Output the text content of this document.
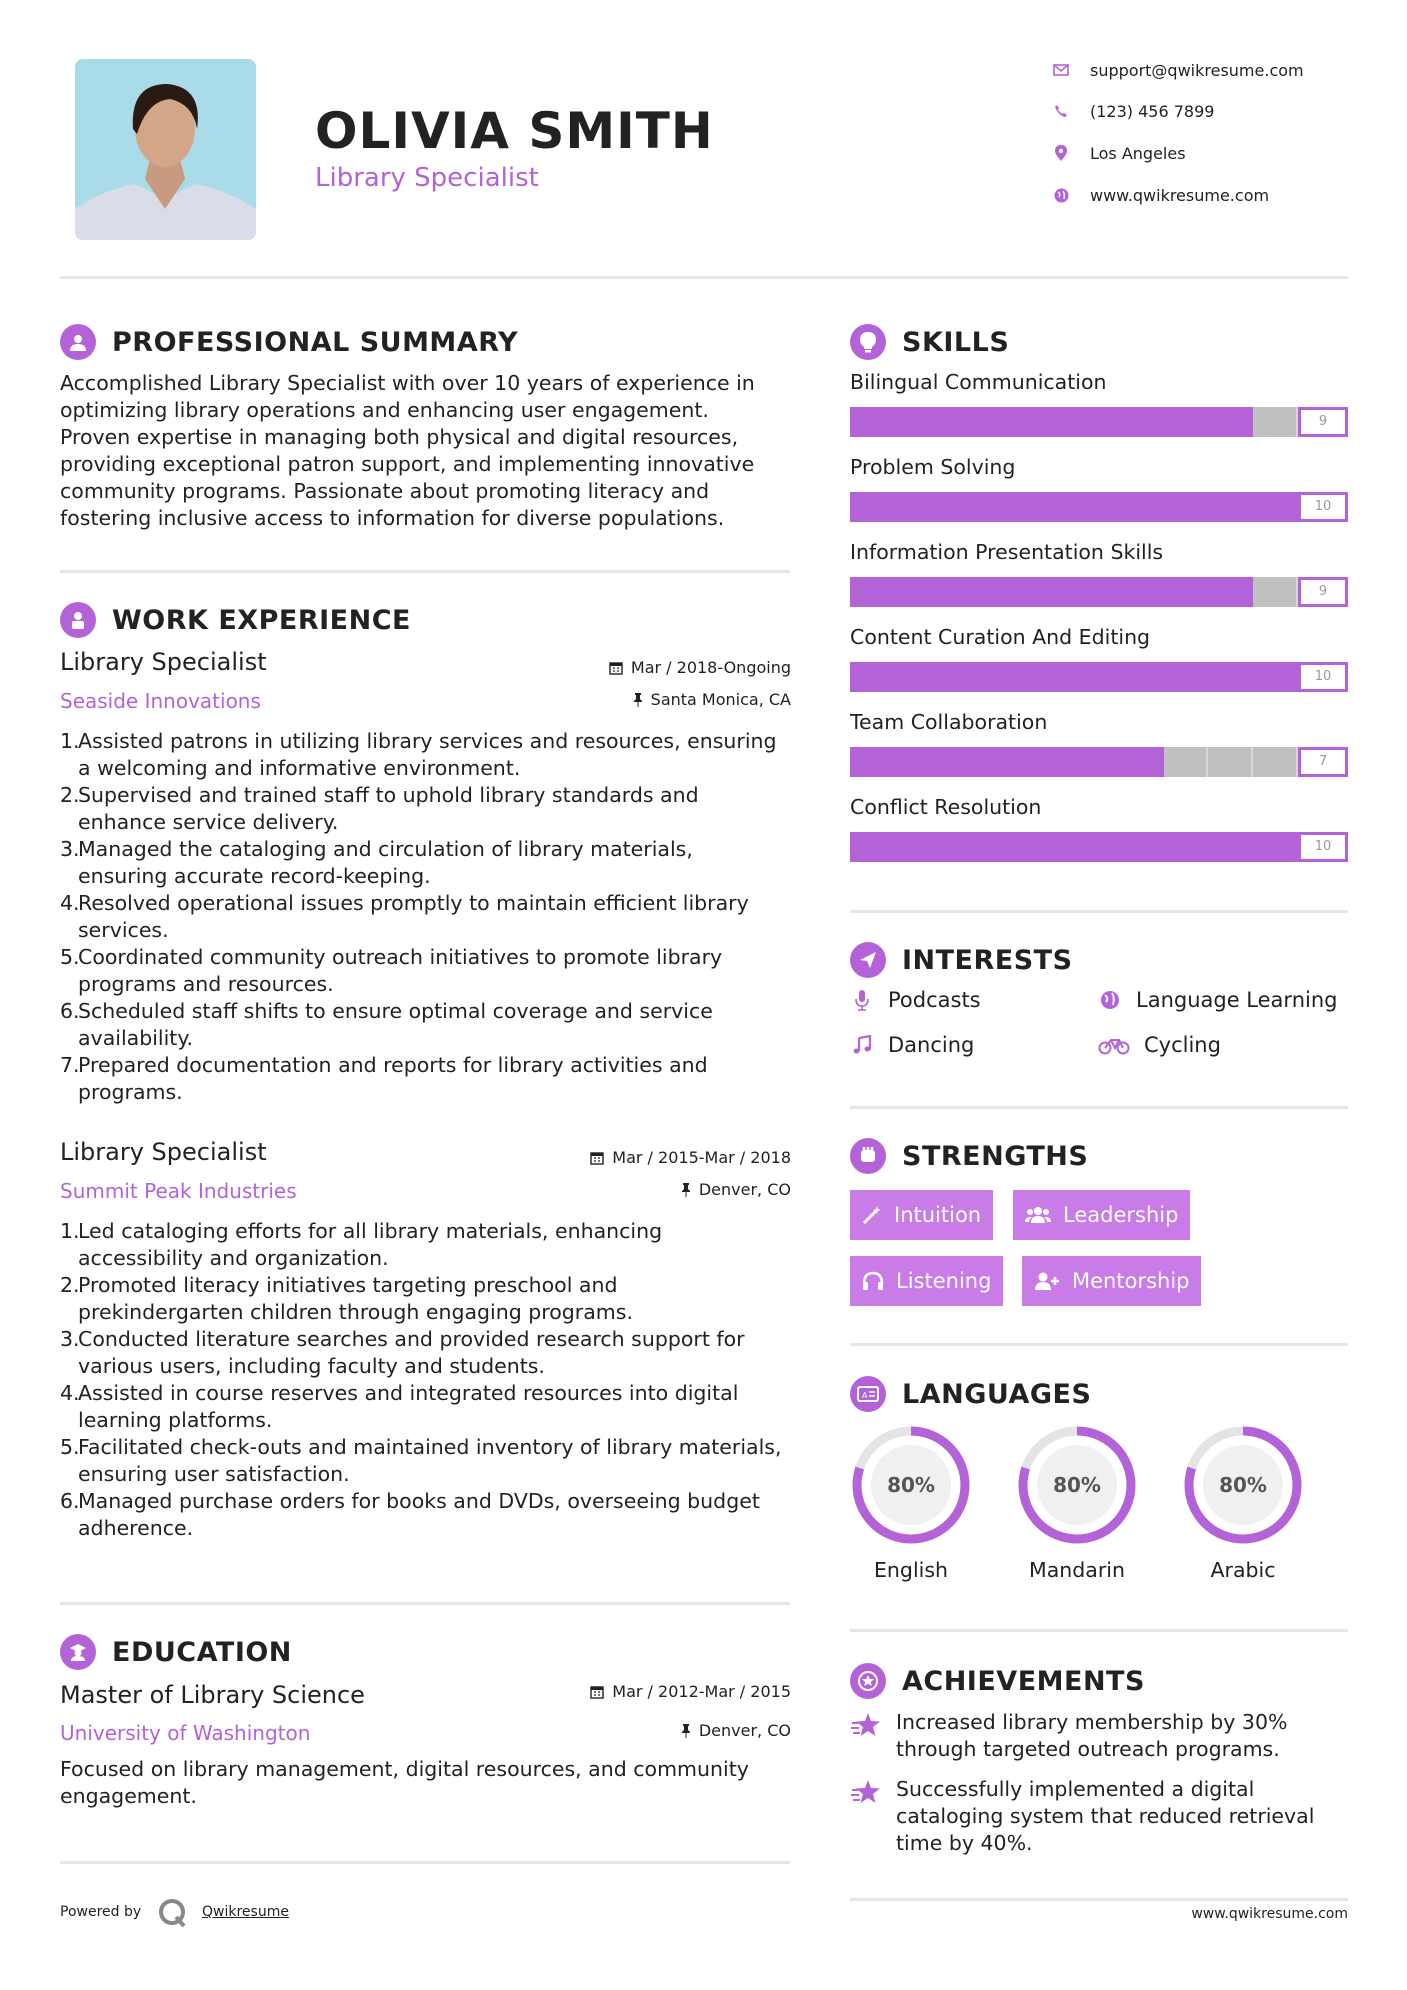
OLIVIA SMITH
Library Specialist
support@qwikresume.com
(123) 456 7899
Los Angeles
www.qwikresume.com
PROFESSIONAL SUMMARY
Accomplished Library Specialist with over 10 years of experience in
optimizing library operations and enhancing user engagement.
Proven expertise in managing both physical and digital resources,
providing exceptional patron support, and implementing innovative
community programs. Passionate about promoting literacy and
fostering inclusive access to information for diverse populations.
WORK EXPERIENCE
Library Specialist
Seaside Innovations
Mar / 2018-Ongoing
Santa Monica, CA
1.
Assisted patrons in utilizing library services and resources, ensuring
a welcoming and informative environment.
2.
Supervised and trained staff to uphold library standards and
enhance service delivery.
3.
Managed the cataloging and circulation of library materials,
ensuring accurate record-keeping.
4.
Resolved operational issues promptly to maintain efficient library
services.
5.
Coordinated community outreach initiatives to promote library
programs and resources.
6.
Scheduled staff shifts to ensure optimal coverage and service
availability.
7.
Prepared documentation and reports for library activities and
programs.
Library Specialist
Summit Peak Industries
Mar / 2015-Mar / 2018
Denver, CO
1.
Led cataloging efforts for all library materials, enhancing
accessibility and organization.
2.
Promoted literacy initiatives targeting preschool and
prekindergarten children through engaging programs.
3.
Conducted literature searches and provided research support for
various users, including faculty and students.
4.
Assisted in course reserves and integrated resources into digital
learning platforms.
5.
Facilitated check-outs and maintained inventory of library materials,
ensuring user satisfaction.
6.
Managed purchase orders for books and DVDs, overseeing budget
adherence.
EDUCATION
Master of Library Science
University of Washington
Mar / 2012-Mar / 2015
Denver, CO
Focused on library management, digital resources, and community
engagement.
Powered by	Qwikresume
SKILLS
Bilingual Communication
9
Problem Solving
10
Information Presentation Skills
9
Content Curation And Editing
10
Team Collaboration
7
Conflict Resolution
10
INTERESTS
Podcasts	Language Learning
Dancing	Cycling
STRENGTHS
Intuition	Leadership
Listening	Mentorship
A LANGUAGES
80%
English
80%
Mandarin
80%
Arabic
ACHIEVEMENTS
Increased library membership by 30%
through targeted outreach programs.
Successfully implemented a digital
cataloging system that reduced retrieval
time by 40%.
www.qwikresume.com
